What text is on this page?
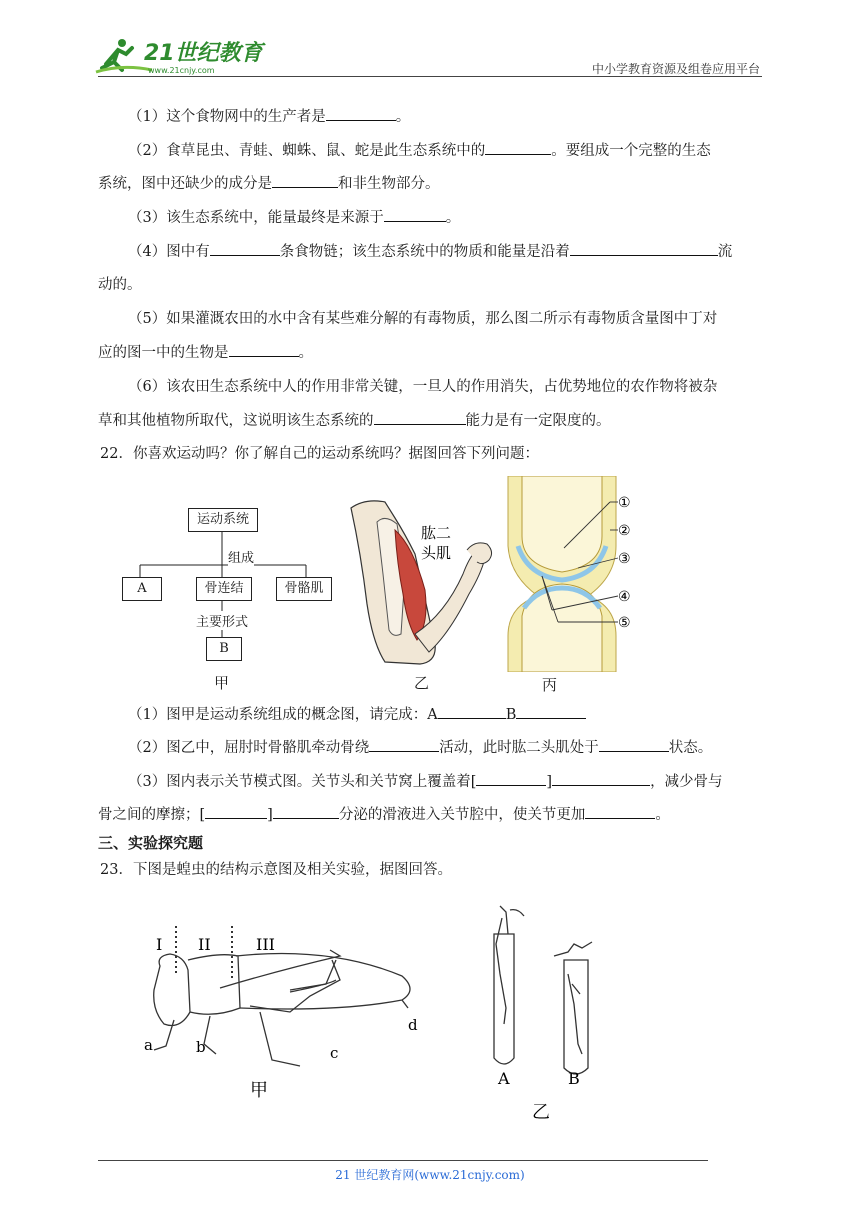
21世纪教育
www.21cnjy.com	中小学教育资源及组卷应用平台
（1）这个食物网中的生产者是	。
（2）食草昆虫、青蛙、蜘蛛、鼠、蛇是此生态系统中的	。要组成一个完整的生态
系统，图中还缺少的成分是	和非生物部分。
（3）该生态系统中，能量最终是来源于	。
（4）图中有	条食物链；该生态系统中的物质和能量是沿着	流
动的。
（5）如果灌溉农田的水中含有某些难分解的有毒物质，那么图二所示有毒物质含量图中丁对
应的图一中的生物是	。
（6）该农田生态系统中人的作用非常关键，一旦人的作用消失，占优势地位的农作物将被杂
草和其他植物所取代，这说明该生态系统的	能力是有一定限度的。
22．你喜欢运动吗？你了解自己的运动系统吗？据图回答下列问题：
运动系统
组成
A	骨连结	骨骼肌
主要形式
B
甲
肱二
头肌
乙
①
②
③
④
⑤
丙
（1）图甲是运动系统组成的概念图，请完成：A	B
（2）图乙中，屈肘时骨骼肌牵动骨绕	活动，此时肱二头肌处于	状态。
（3）图内表示关节模式图。关节头和关节窝上覆盖着[	]	，减少骨与
骨之间的摩擦；[	]	分泌的滑液进入关节腔中，使关节更加	。
三、实验探究题
23．下图是蝗虫的结构示意图及相关实验，据图回答。
I II	III
a	b	c
d
甲
A	B
乙
21 世纪教育网(www.21cnjy.com)
